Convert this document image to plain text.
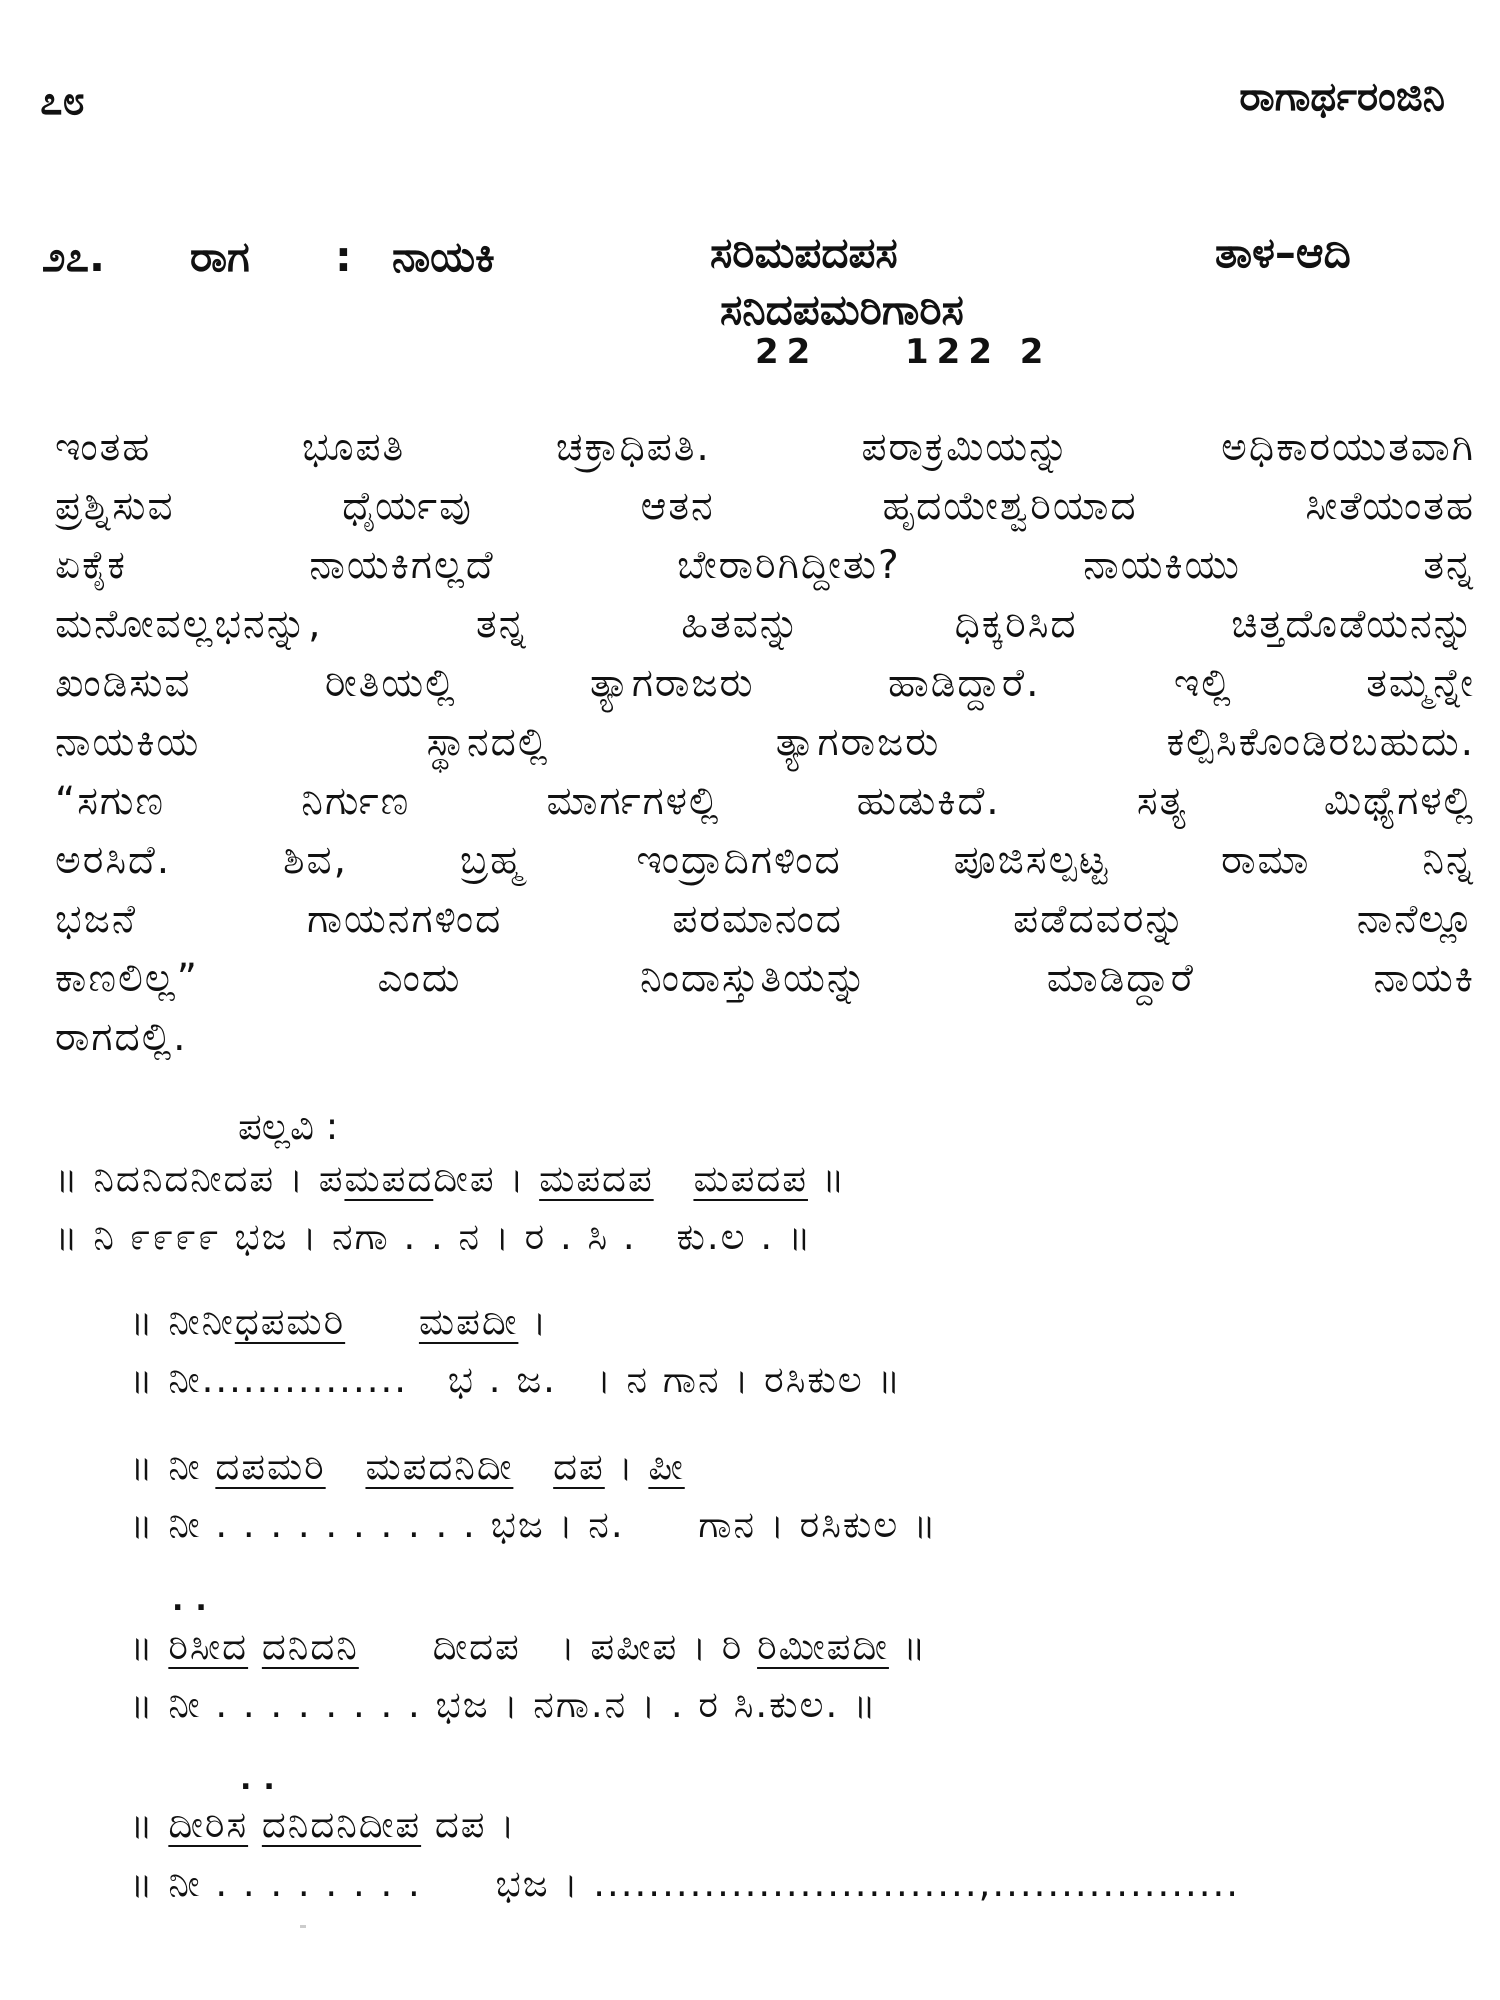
೭೮	ರಾಗಾರ್ಥರಂಜಿನಿ
೨೭. ರಾಗ : ನಾಯಕಿ	ಸರಿಮಪದಪಸ	ತಾಳ–ಆದಿ
ಸನಿದಪಮರಿಗಾರಿಸ
22	122 2
ಇಂತಹ ಭೂಪತಿ ಚಕ್ರಾಧಿಪತಿ. ಪರಾಕ್ರಮಿಯನ್ನು ಅಧಿಕಾರಯುತವಾಗಿ
ಪ್ರಶ್ನಿಸುವ ಧೈರ್ಯವು ಆತನ ಹೃದಯೇಶ್ವರಿಯಾದ ಸೀತೆಯಂತಹ
ಏಕೈಕ ನಾಯಕಿಗಲ್ಲದೆ ಬೇರಾರಿಗಿದ್ದೀತು? ನಾಯಕಿಯು ತನ್ನ
ಮನೋವಲ್ಲಭನನ್ನು, ತನ್ನ ಹಿತವನ್ನು ಧಿಕ್ಕರಿಸಿದ ಚಿತ್ತದೊಡೆಯನನ್ನು
ಖಂಡಿಸುವ ರೀತಿಯಲ್ಲಿ ತ್ಯಾಗರಾಜರು ಹಾಡಿದ್ದಾರೆ. ಇಲ್ಲಿ ತಮ್ಮನ್ನೇ
ನಾಯಕಿಯ ಸ್ಥಾನದಲ್ಲಿ ತ್ಯಾಗರಾಜರು ಕಲ್ಪಿಸಿಕೊಂಡಿರಬಹುದು.
“ಸಗುಣ ನಿರ್ಗುಣ ಮಾರ್ಗಗಳಲ್ಲಿ ಹುಡುಕಿದೆ. ಸತ್ಯ ಮಿಥ್ಯೆಗಳಲ್ಲಿ
ಅರಸಿದೆ. ಶಿವ, ಬ್ರಹ್ಮ ಇಂದ್ರಾದಿಗಳಿಂದ ಪೂಜಿಸಲ್ಪಟ್ಟ ರಾಮಾ ನಿನ್ನ
ಭಜನೆ ಗಾಯನಗಳಿಂದ ಪರಮಾನಂದ ಪಡೆದವರನ್ನು ನಾನೆಲ್ಲೂ
ಕಾಣಲಿಲ್ಲ” ಎಂದು ನಿಂದಾಸ್ತುತಿಯನ್ನು ಮಾಡಿದ್ದಾರೆ ನಾಯಕಿ
ರಾಗದಲ್ಲಿ.
ಪಲ್ಲವಿ :
॥ ನಿದನಿದನೀದಪ । ಪಮಪದದೀಪ । ಮಪದಪ ಮಪದಪ ॥
॥ ನಿ ೯೯೯೯ ಭಜ । ನಗಾ . . ನ । ರ . ಸಿ . ಕು.ಲ . ॥
॥ ನೀನೀಧಪಮರಿ ಮಪದೀ ।
॥ ನೀ............... ಭ . ಜ. । ನ ಗಾನ । ರಸಿಕುಲ ॥
॥ ನೀ ದಪಮರಿ ಮಪದನಿದೀ ದಪ । ಪೀ
॥ ನೀ . . . . . . . . . . ಭಜ । ನ. ಗಾನ । ರಸಿಕುಲ ॥
..
॥ ರಿಸೀದ ದನಿದನಿ ದೀದಪ । ಪಪೀಪ । ರಿ ರಿಮೀಪದೀ ॥
॥ ನೀ . . . . . . . . ಭಜ । ನಗಾ.ನ । . ರ ಸಿ.ಕುಲ. ॥
..
॥ ದೀರಿಸ ದನಿದನಿದೀಪ ದಪ ।
॥ ನೀ . . . . . . . . ಭಜ । ............................,..................
